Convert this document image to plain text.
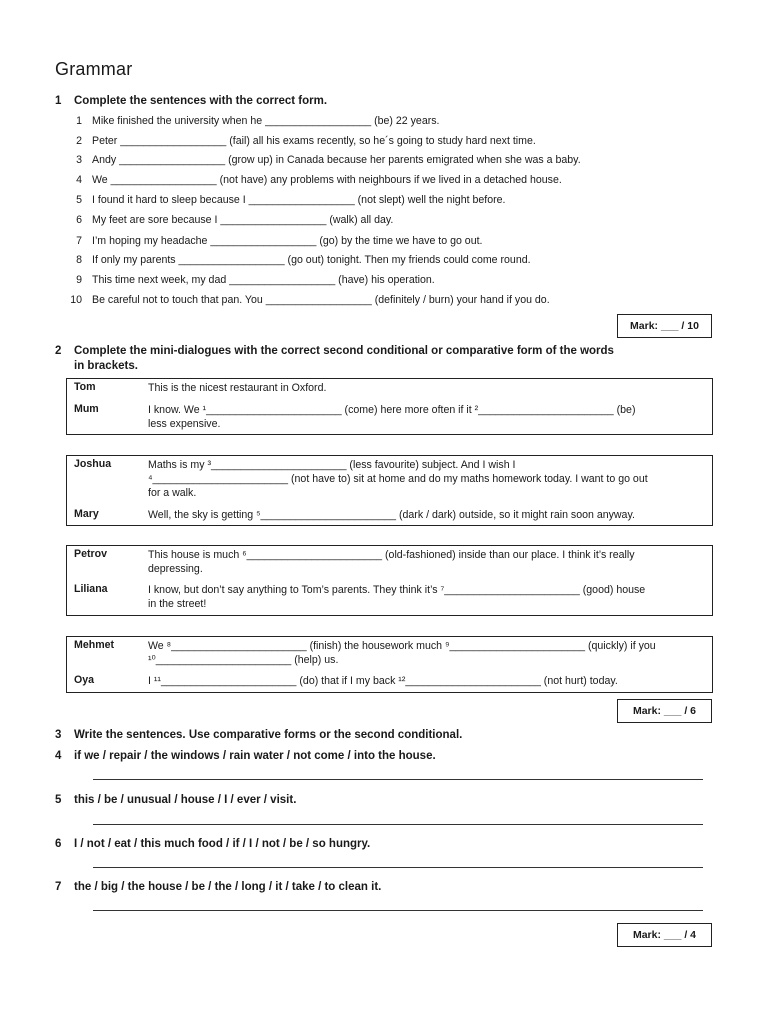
Grammar
1 Complete the sentences with the correct form.
1 Mike finished the university when he __________________ (be) 22 years.
2 Peter __________________ (fail) all his exams recently, so he´s going to study hard next time.
3 Andy __________________ (grow up) in Canada because her parents emigrated when she was a baby.
4 We __________________ (not have) any problems with neighbours if we lived in a detached house.
5 I found it hard to sleep because I __________________ (not slept) well the night before.
6 My feet are sore because I __________________ (walk) all day.
7 I’m hoping my headache __________________ (go) by the time we have to go out.
8 If only my parents __________________ (go out) tonight. Then my friends could come round.
9 This time next week, my dad __________________ (have) his operation.
10 Be careful not to touch that pan. You __________________ (definitely / burn) your hand if you do.
Mark: ___ / 10
2 Complete the mini-dialogues with the correct second conditional or comparative form of the words
in brackets.
Tom	This is the nicest restaurant in Oxford.
Mum	I know. We ¹_______________________ (come) here more often if it ²_______________________ (be)
less expensive.
Joshua	Maths is my ³_______________________ (less favourite) subject. And I wish I
⁴_______________________ (not have to) sit at home and do my maths homework today. I want to go out
for a walk.
Mary	Well, the sky is getting ⁵_______________________ (dark / dark) outside, so it might rain soon anyway.
Petrov	This house is much ⁶_______________________ (old-fashioned) inside than our place. I think it’s really
depressing.
Liliana	I know, but don’t say anything to Tom’s parents. They think it’s ⁷_______________________ (good) house
in the street!
Mehmet	We ⁸_______________________ (finish) the housework much ⁹_______________________ (quickly) if you
¹⁰_______________________ (help) us.
Oya	I ¹¹_______________________ (do) that if I my back ¹²_______________________ (not hurt) today.
Mark: ___ / 6
3 Write the sentences. Use comparative forms or the second conditional.
4 if we / repair / the windows / rain water / not come / into the house.
5 this / be / unusual / house / I / ever / visit.
6 I / not / eat / this much food / if / I / not / be / so hungry.
7 the / big / the house / be / the / long / it / take / to clean it.
Mark: ___ / 4
